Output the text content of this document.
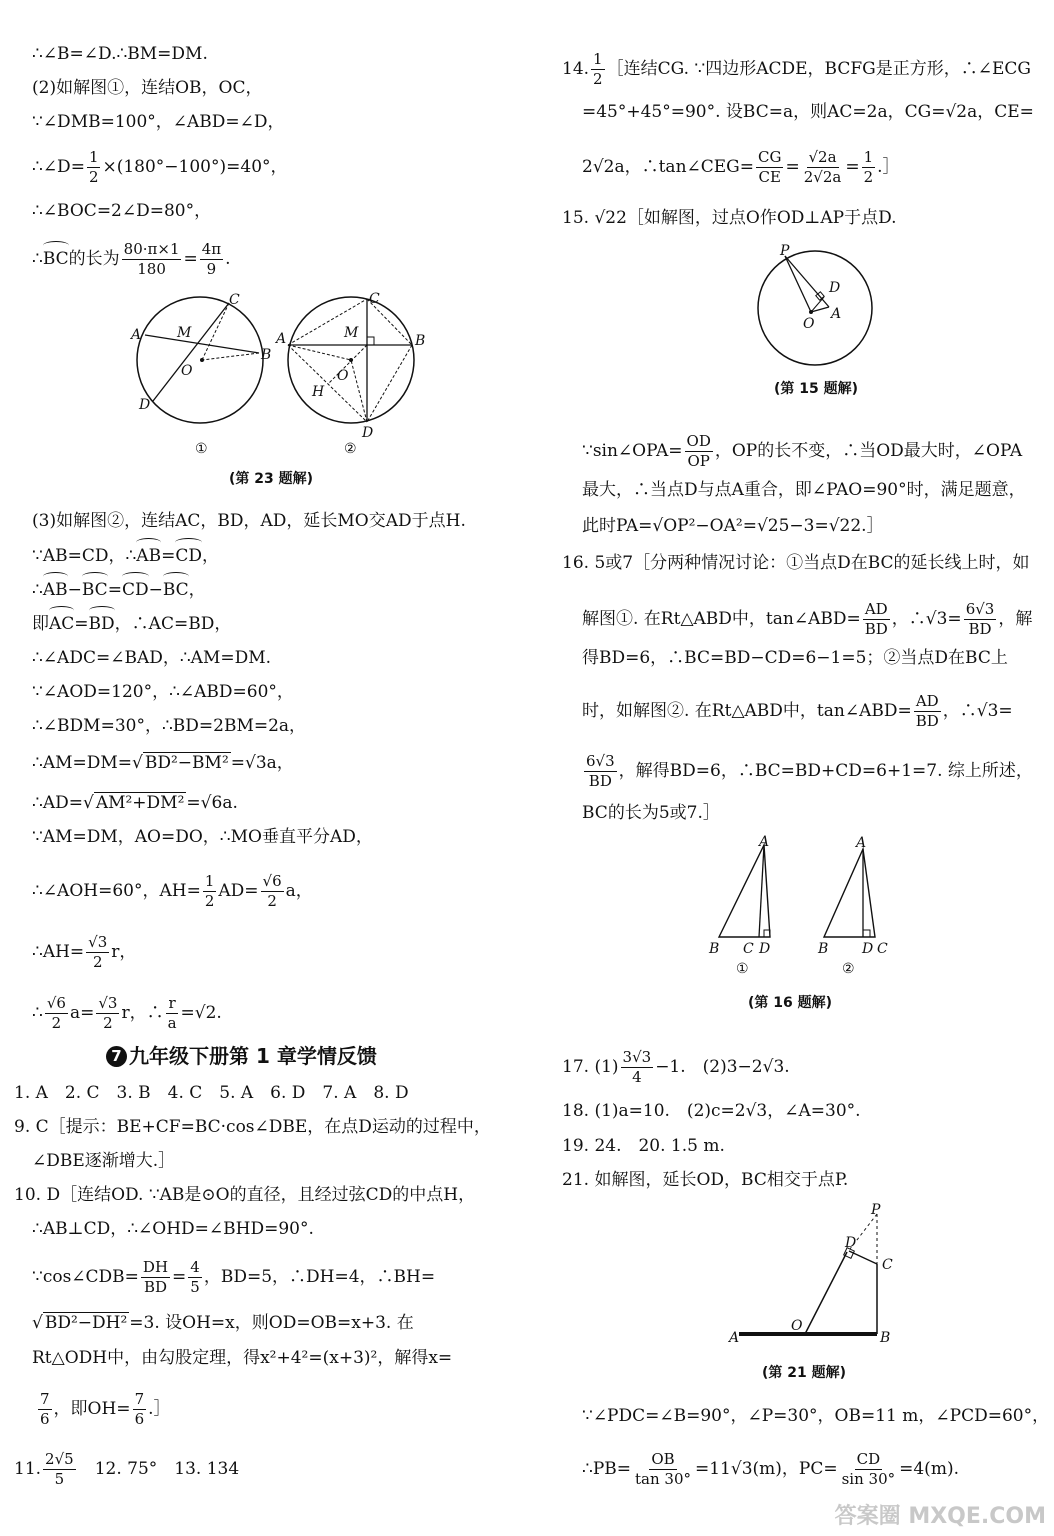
∴∠B=∠D.∴BM=DM.
(2)如解图①，连结OB，OC，
∵∠DMB=100°，∠ABD=∠D，
∴∠D= $\frac{1}{2} \times(180^\circ-100^\circ)=40^\circ$，
∴∠BOC=2∠D=80°，
∴BC的长为 $\frac{80\cdot\pi\times 1}{180} = \frac{4\pi}{9}$ .
C
A
B
D
M
O
①
C
A	B
D
M
O
H
②
(第 23 题解)
(3)如解图②，连结AC，BD，AD，延长MO交AD于点H.
∵AB=CD，∴AB=CD，
∴AB−BC=CD−BC，
即AC=BD，∴AC=BD，
∴∠ADC=∠BAD，∴AM=DM.
∵∠AOD=120°，∴∠ABD=60°，
∴∠BDM=30°，∴BD=2BM=2a，
∴AM=DM=√ BD²−BM² =√3a，
∴AD=√ AM²+DM² =√6a.
∵AM=DM，AO=DO，∴MO垂直平分AD，
∴∠AOH=60°，$AH= \frac{1}{2} AD= \frac{√6}{2}$ a，
∴AH= $\frac{√3}{2}$ r，
∴ $\frac{√6}{2} a= \frac{√3}{2}$ r，∴ $\frac{r}{a} =√2$.
7 九年级下册第 1 章学情反馈
1. A　2. C　3. B　4. C　5. A　6. D　7. A　8. D
9. C［提示：BE+CF=BC·cos∠DBE，在点D运动的过程中，
∠DBE逐渐增大.］
10. D［连结OD. ∵AB是⊙O的直径，且经过弦CD的中点H，
∴AB⊥CD，∴∠OHD=∠BHD=90°.
∵cos∠CDB= $\frac{DH}{BD} = \frac{4}{5}$ ，BD=5，∴DH=4，∴BH=
√ BD²−DH² =3. 设OH=x，则OD=OB=x+3. 在
Rt△ODH中，由勾股定理，得x²+4²=(x+3)²，解得x=
$\frac{7}{6}$ ，即$OH= \frac{7}{6}$ .］
11. $\frac{2√5}{5}$
　 12. 75°　13. 134
14. $\frac{1}{2}$ ［连结CG. ∵四边形ACDE，BCFG是正方形，∴∠ECG
=45°+45°=90°. 设BC=a，则AC=2a，CG=√2a，CE=
2√2a，∴tan∠CEG= $\frac{CG}{CE} = \frac{√2a}{2√2a} = \frac{1}{2}$ .］
15. √22［如解图，过点O作OD⊥AP于点D.
P
D
O
A
(第 15 题解)
∵sin∠OPA= $\frac{OD}{OP}$ ，OP的长不变，∴当OD最大时，∠OPA
最大，∴当点D与点A重合，即∠PAO=90°时，满足题意，
此时PA=√OP²−OA²=√25−3=√22.］
16. 5或7［分两种情况讨论：①当点D在BC的延长线上时，如
解图①. 在Rt△ABD中，tan∠ABD= $\frac{AD}{BD}$ ，∴√3= $\frac{6√3}{BD}$ ，解
得BD=6，∴BC=BD−CD=6−1=5；②当点D在BC上
时，如解图②. 在Rt△ABD中，tan∠ABD= $\frac{AD}{BD}$ ，∴√3=
$\frac{6√3}{BD}$ ，解得BD=6，∴BC=BD+CD=6+1=7. 综上所述，
BC的长为5或7.］
A
B C D
①
A
B D C
②
(第 16 题解)
17. $(1) \frac{3√3}{4} -1$.　(2)3−2√3.
18. (1)a=10.　(2)c=2√3，∠A=30°.
19. 24.　20. 1.5 m.
21. 如解图，延长OD，BC相交于点P.
P
D
C
O
A	B
(第 21 题解)
∵∠PDC=∠B=90°，∠P=30°，OB=11 m，∠PCD=60°，
∴PB= $\frac{OB}{\tan 30^\circ} =11√3(m)$，$PC= \frac{CD}{\sin 30^\circ} =4(m)$.
答案圈 MXQE.COM
